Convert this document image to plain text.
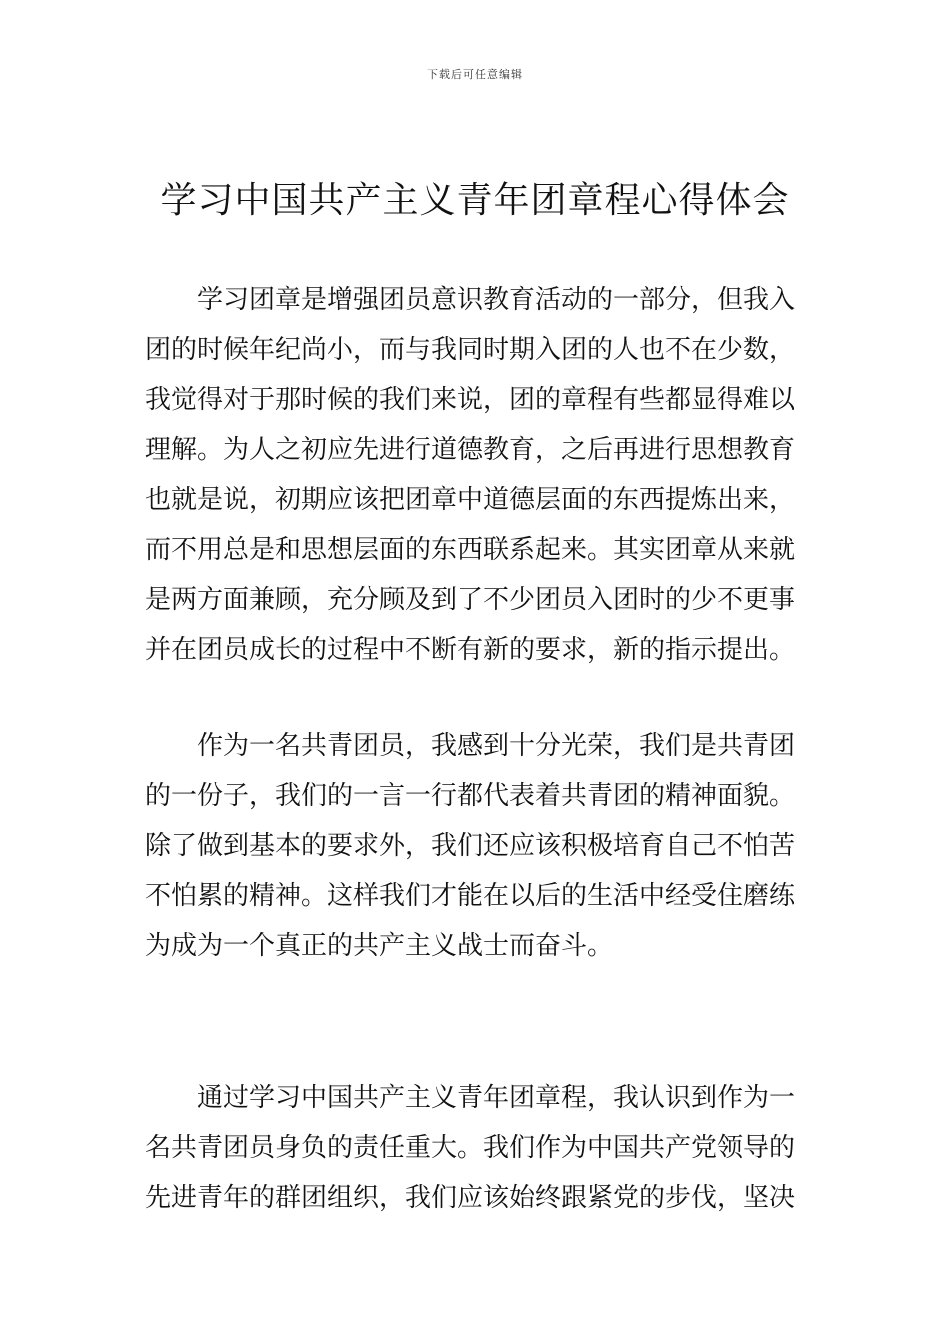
下载后可任意编辑
学习中国共产主义青年团章程心得体会
学习团章是增强团员意识教育活动的一部分，但我入
团的时候年纪尚小，而与我同时期入团的人也不在少数，
我觉得对于那时候的我们来说，团的章程有些都显得难以
理解。为人之初应先进行道德教育，之后再进行思想教育
也就是说，初期应该把团章中道德层面的东西提炼出来，
而不用总是和思想层面的东西联系起来。其实团章从来就
是两方面兼顾，充分顾及到了不少团员入团时的少不更事
并在团员成长的过程中不断有新的要求，新的指示提出。
作为一名共青团员，我感到十分光荣，我们是共青团
的一份子，我们的一言一行都代表着共青团的精神面貌。
除了做到基本的要求外，我们还应该积极培育自己不怕苦
不怕累的精神。这样我们才能在以后的生活中经受住磨练
为成为一个真正的共产主义战士而奋斗。
通过学习中国共产主义青年团章程，我认识到作为一
名共青团员身负的责任重大。我们作为中国共产党领导的
先进青年的群团组织，我们应该始终跟紧党的步伐，坚决
